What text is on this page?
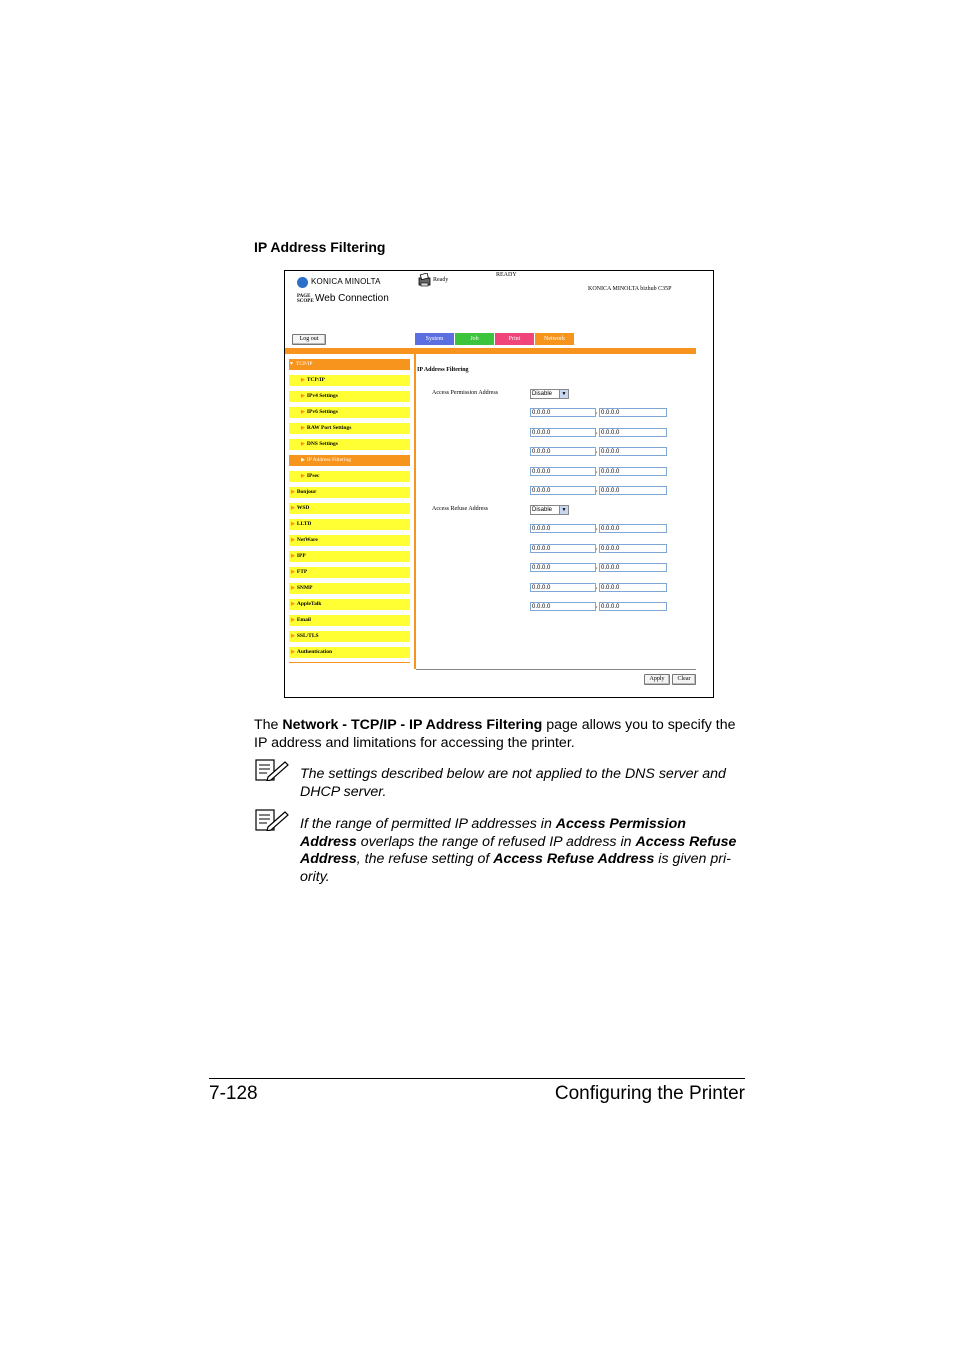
IP Address Filtering
KONICA MINOLTA
PAGE
SCOPE Web Connection
Ready
READY
KONICA MINOLTA bizhub C35P
Log out	System	Job	Print	Network
▼ TCP/IP
▶ TCP/IP
▶ IPv4 Settings
▶ IPv6 Settings
▶ RAW Port Settings
▶ DNS Settings
▶ IP Address Filtering
▶ IPsec
▶ Bonjour
▶ WSD
▶ LLTD
▶ NetWare
▶ IPP
▶ FTP
▶ SNMP
▶ AppleTalk
▶ Email
▶ SSL/TLS
▶ Authentication
IP Address Filtering
Access Permission Address	Disable	▼
0.0.0.0	, 0.0.0.0
0.0.0.0	, 0.0.0.0
0.0.0.0	, 0.0.0.0
0.0.0.0	, 0.0.0.0
0.0.0.0	, 0.0.0.0
Access Refuse Address	Disable	▼
0.0.0.0	, 0.0.0.0
0.0.0.0	, 0.0.0.0
0.0.0.0	, 0.0.0.0
0.0.0.0	, 0.0.0.0
0.0.0.0	, 0.0.0.0
Apply	Clear
The Network - TCP/IP - IP Address Filtering page allows you to specify the IP address and limitations for accessing the printer.
The settings described below are not applied to the DNS server and DHCP server.
If the range of permitted IP addresses in Access Permission Address overlaps the range of refused IP address in Access Refuse Address, the refuse setting of Access Refuse Address is given pri-ority.
7-128	Configuring the Printer
